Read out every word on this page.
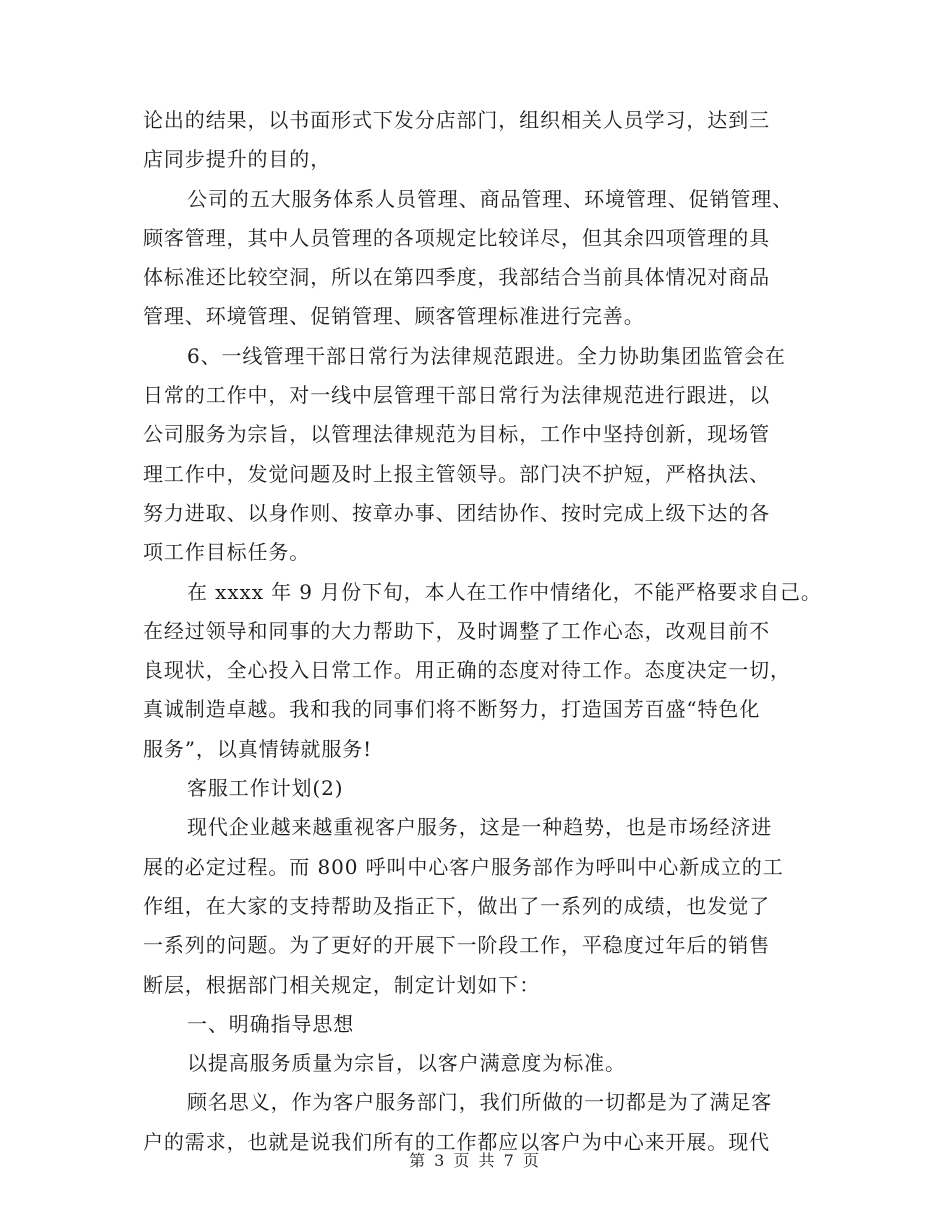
论出的结果，以书面形式下发分店部门，组织相关人员学习，达到三
店同步提升的目的，
公司的五大服务体系人员管理、商品管理、环境管理、促销管理、
顾客管理，其中人员管理的各项规定比较详尽，但其余四项管理的具
体标准还比较空洞，所以在第四季度，我部结合当前具体情况对商品
管理、环境管理、促销管理、顾客管理标准进行完善。
6、一线管理干部日常行为法律规范跟进。全力协助集团监管会在
日常的工作中，对一线中层管理干部日常行为法律规范进行跟进，以
公司服务为宗旨，以管理法律规范为目标，工作中坚持创新，现场管
理工作中，发觉问题及时上报主管领导。部门决不护短，严格执法、
努力进取、以身作则、按章办事、团结协作、按时完成上级下达的各
项工作目标任务。
在 xxxx 年 9 月份下旬，本人在工作中情绪化，不能严格要求自己。
在经过领导和同事的大力帮助下，及时调整了工作心态，改观目前不
良现状，全心投入日常工作。用正确的态度对待工作。态度决定一切，
真诚制造卓越。我和我的同事们将不断努力，打造国芳百盛“特色化
服务”，以真情铸就服务!
客服工作计划(2)
现代企业越来越重视客户服务，这是一种趋势，也是市场经济进
展的必定过程。而 800 呼叫中心客户服务部作为呼叫中心新成立的工
作组，在大家的支持帮助及指正下，做出了一系列的成绩，也发觉了
一系列的问题。为了更好的开展下一阶段工作，平稳度过年后的销售
断层，根据部门相关规定，制定计划如下：
一、明确指导思想
以提高服务质量为宗旨，以客户满意度为标准。
顾名思义，作为客户服务部门，我们所做的一切都是为了满足客
户的需求，也就是说我们所有的工作都应以客户为中心来开展。现代
第 3 页 共 7 页
